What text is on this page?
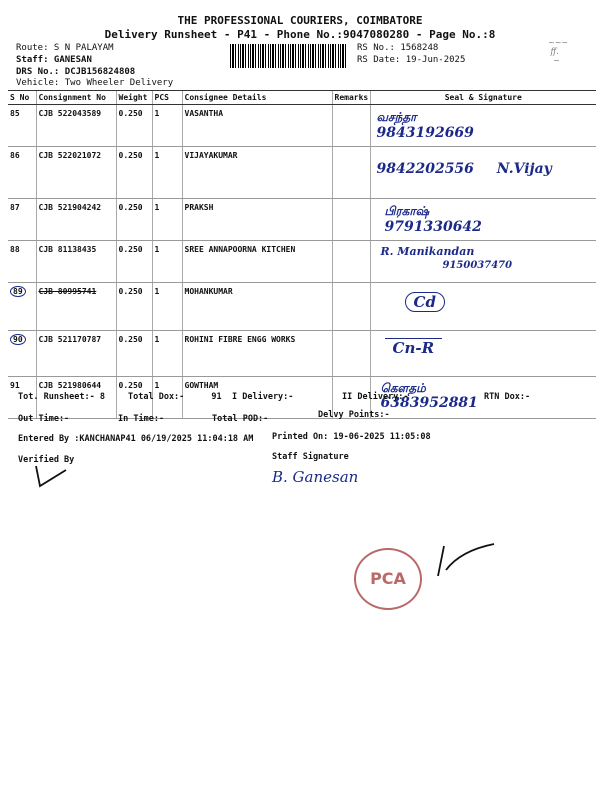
THE PROFESSIONAL COURIERS, COIMBATORE
Delivery Runsheet - P41 - Phone No.:9047080280 - Page No.:8
Route: S N PALAYAM
Staff: GANESAN
DRS No.: DCJB156824808
Vehicle: Two Wheeler Delivery
RS No.: 1568248
RS Date: 19-Jun-2025
~~~
ff.
~
S No	Consignment No	Weight	PCS	Consignee Details	Remarks	Seal & Signature
85	CJB 522043589	0.250	1	VASANTHA		வசந்தா
9843192669
86	CJB 522021072	0.250	1	VIJAYAKUMAR		9842202556 N.Vijay
87	CJB 521904242	0.250	1	PRAKSH		பிரகாஷ்
9791330642
88	CJB 81138435	0.250	1	SREE ANNAPOORNA KITCHEN		R. Manikandan
9150037470
89	CJB 80995741	0.250	1	MOHANKUMAR		Cd
90	CJB 521170787	0.250	1	ROHINI FIBRE ENGG WORKS		Cn-R
91	CJB 521980644	0.250	1	GOWTHAM		கௌதம்
6383952881
Tot. Runsheet:- 8	Total Dox:-	91 I Delivery:-	II Delivery:-	RTN Dox:-
Out Time:-	In Time:-	Total POD:-	Delvy Points:-
Entered By :KANCHANAP41 06/19/2025 11:04:18 AM Printed On: 19-06-2025 11:05:08
Verified By	Staff Signature
B. Ganesan
PCA
